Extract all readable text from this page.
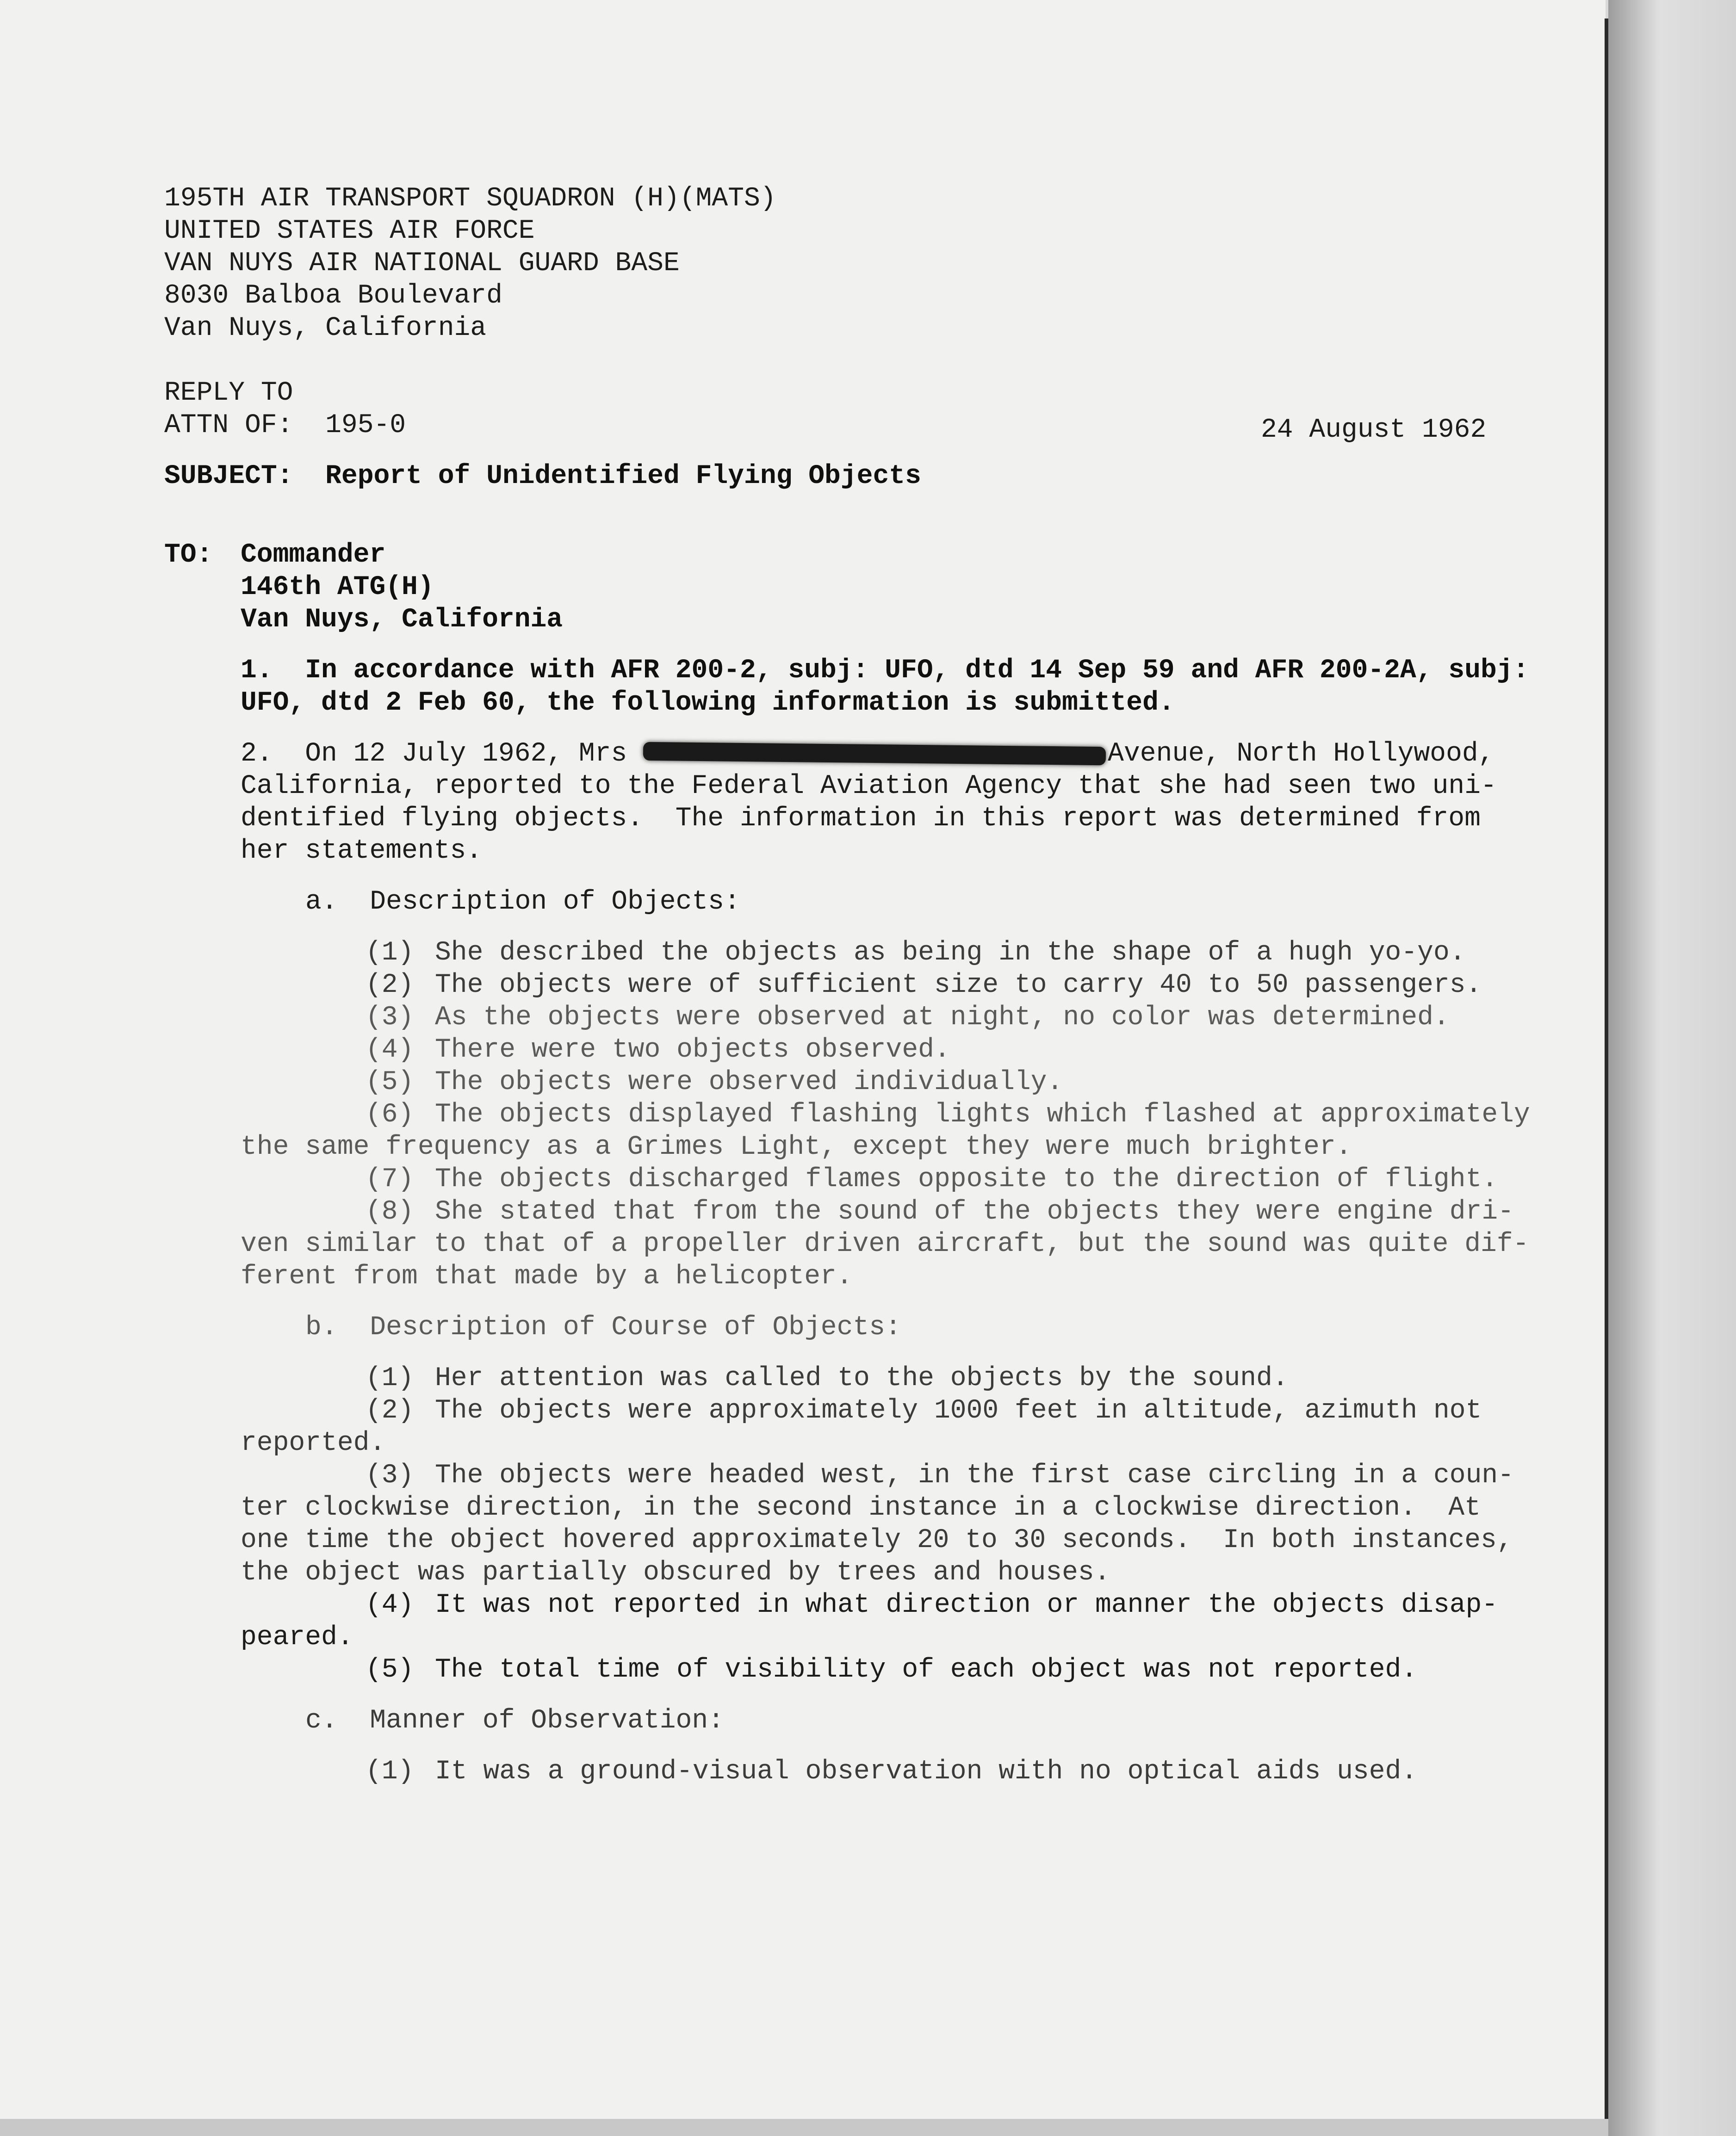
24 August 1962
195TH AIR TRANSPORT SQUADRON (H)(MATS)
UNITED STATES AIR FORCE
VAN NUYS AIR NATIONAL GUARD BASE
8030 Balboa Boulevard
Van Nuys, California
REPLY TO
ATTN OF: 195-0
SUBJECT: Report of Unidentified Flying Objects
TO: Commander
146th ATG(H)
Van Nuys, California
1.  In accordance with AFR 200-2, subj: UFO, dtd 14 Sep 59 and AFR 200-2A, subj:
UFO, dtd 2 Feb 60, the following information is submitted.
2.  On 12 July 1962, Mrs	Avenue, North Hollywood,
California, reported to the Federal Aviation Agency that she had seen two uni-
dentified flying objects.  The information in this report was determined from
her statements.
a.  Description of Objects:
(1) She described the objects as being in the shape of a hugh yo-yo.
(2) The objects were of sufficient size to carry 40 to 50 passengers.
(3) As the objects were observed at night, no color was determined.
(4) There were two objects observed.
(5) The objects were observed individually.
(6) The objects displayed flashing lights which flashed at approximately
the same frequency as a Grimes Light, except they were much brighter.
(7) The objects discharged flames opposite to the direction of flight.
(8) She stated that from the sound of the objects they were engine dri-
ven similar to that of a propeller driven aircraft, but the sound was quite dif-
ferent from that made by a helicopter.
b.  Description of Course of Objects:
(1) Her attention was called to the objects by the sound.
(2) The objects were approximately 1000 feet in altitude, azimuth not
reported.
(3) The objects were headed west, in the first case circling in a coun-
ter clockwise direction, in the second instance in a clockwise direction.  At
one time the object hovered approximately 20 to 30 seconds.  In both instances,
the object was partially obscured by trees and houses.
(4) It was not reported in what direction or manner the objects disap-
peared.
(5) The total time of visibility of each object was not reported.
c.  Manner of Observation:
(1) It was a ground-visual observation with no optical aids used.
